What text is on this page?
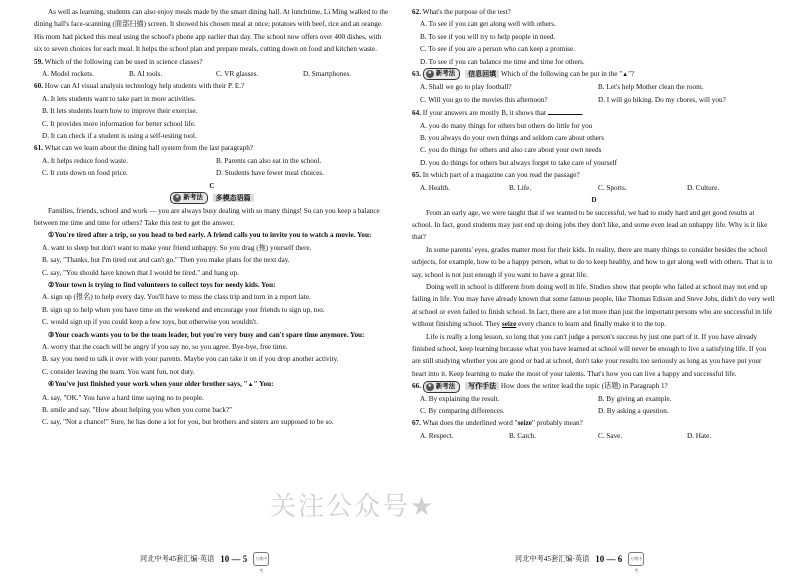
As well as learning, students can also enjoy meals made by the smart dining hall. At lunchtime, Li Ming walked to the dining hall's face-scanning (面部扫描) screen. It showed his chosen meal at once; potatoes with beef, rice and an orange. His mom had picked this meal using the school's phone app earlier that day. The school now offers over 400 dishes, with six to seven choices for each meal. It helps the school plan and prepare meals, cutting down on food and kitchen waste.

59. Which of the following can be used in science classes?

A. Model rockets.	B. AI tools.	C. VR glasses.	D. Smartphones.

60. How can AI visual analysis technology help students with their P. E.?

A. It lets students want to take part in more activities.

B. It lets students learn how to improve their exercise.

C. It provides more information for better school life.

D. It can check if a student is using a self-testing tool.

61. What can we learn about the dining hall system from the last paragraph?

A. It helps reduce food waste.	B. Parents can also eat in the school.
C. It cuts down on food price.	D. Students have fewer meal choices.

C

★ 新考法 多模态语篇

Families, friends, school and work — you are always busy dealing with so many things! So can you keep a balance between me time and time for others? Take this test to get the answer.

①You're tired after a trip, so you head to bed early. A friend calls you to invite you to watch a movie. You:

A. want to sleep but don't want to make your friend unhappy. So you drag (拖) yourself there.

B. say, "Thanks, but I'm tired out and can't go." Then you make plans for the next day.

C. say, "You should have known that I would be tired." and hang up.

②Your town is trying to find volunteers to collect toys for needy kids. You:

A. sign up (报名) to help every day. You'll have to miss the class trip and turn in a report late.

B. sign up to help when you have time on the weekend and encourage your friends to sign up, too.

C. would sign up if you could keep a few toys, but otherwise you wouldn't.

③Your coach wants you to be the team leader, but you're very busy and can't spare time anymore. You:

A. worry that the coach will be angry if you say no, so you agree. Bye-bye, free time.

B. say you need to talk it over with your parents. Maybe you can take it on if you drop another activity.

C. consider leaving the team. You want fun, not duty.

④You've just finished your work when your older brother says, "▲" You:

A. say, "OK." You have a hard time saying no to people.

B. smile and say, "How about helping you when you come back?"

C. say, "Not a chance!" Sure, he has done a lot for you, but brothers and sisters are supposed to be so.

河北中考45套汇编·英语 10 — 5	万唯中考

62. What's the purpose of the test?

A. To see if you can get along well with others.

B. To see if you will try to help people in need.

C. To see if you are a person who can keep a promise.

D. To see if you can balance me time and time for others.

63.	★ 新考法 信息回填 Which of the following can be put in the "▲"?

A. Shall we go to play football?	B. Let's help Mother clean the room.
C. Will you go to the movies this afternoon?	D. I will go biking. Do my chores, will you?

64. If your answers are mostly B, it shows that	.

A. you do many things for others but others do little for you

B. you always do your own things and seldom care about others

C. you do things for others and also care about your own needs

D. you do things for others but always forget to take care of yourself

65. In which part of a magazine can you read the passage?

A. Health.	B. Life.	C. Sports.	D. Culture.

D

From an early age, we were taught that if we wanted to be successful, we had to study hard and get good results at school. In fact, good students may just end up doing jobs they don't like, and some even lead an unhappy life. Why is it like that?

In some parents' eyes, grades matter most for their kids. In reality, there are many things to consider besides the school subjects, for example, how to be a happy person, what to do to keep healthy, and how to get along well with others. That is to say, school is not just enough if you want to have a great life.

Doing well in school is different from doing well in life. Studies show that people who failed at school may not end up failing in life. You may have already known that some famous people, like Thomas Edison and Steve Jobs, didn't do very well at school or even failed to finish school. In fact, there are a lot more than just the important persons who are successful in life without finishing school. They seize every chance to learn and finally make it to the top.

Life is really a long lesson, so long that you can't judge a person's success by just one part of it. If you have already finished school, keep learning because what you have learned at school will never be enough to live a satisfying life. If you are still studying whether you are good or bad at school, don't take your results too seriously as long as you have put your heart into it. Keep learning to make the most of your talents. That's how you can live a happy and successful life.

66.	★ 新考法 写作手法 How does the writer lead the topic (话题) in Paragraph 1?

A. By explaining the result.	B. By giving an example.
C. By comparing differences.	D. By asking a question.

67. What does the underlined word "seize" probably mean?

A. Respect.	B. Catch.	C. Save.	D. Hate.
河北中考45套汇编·英语 10 — 6	万唯中考
关注公众号★
